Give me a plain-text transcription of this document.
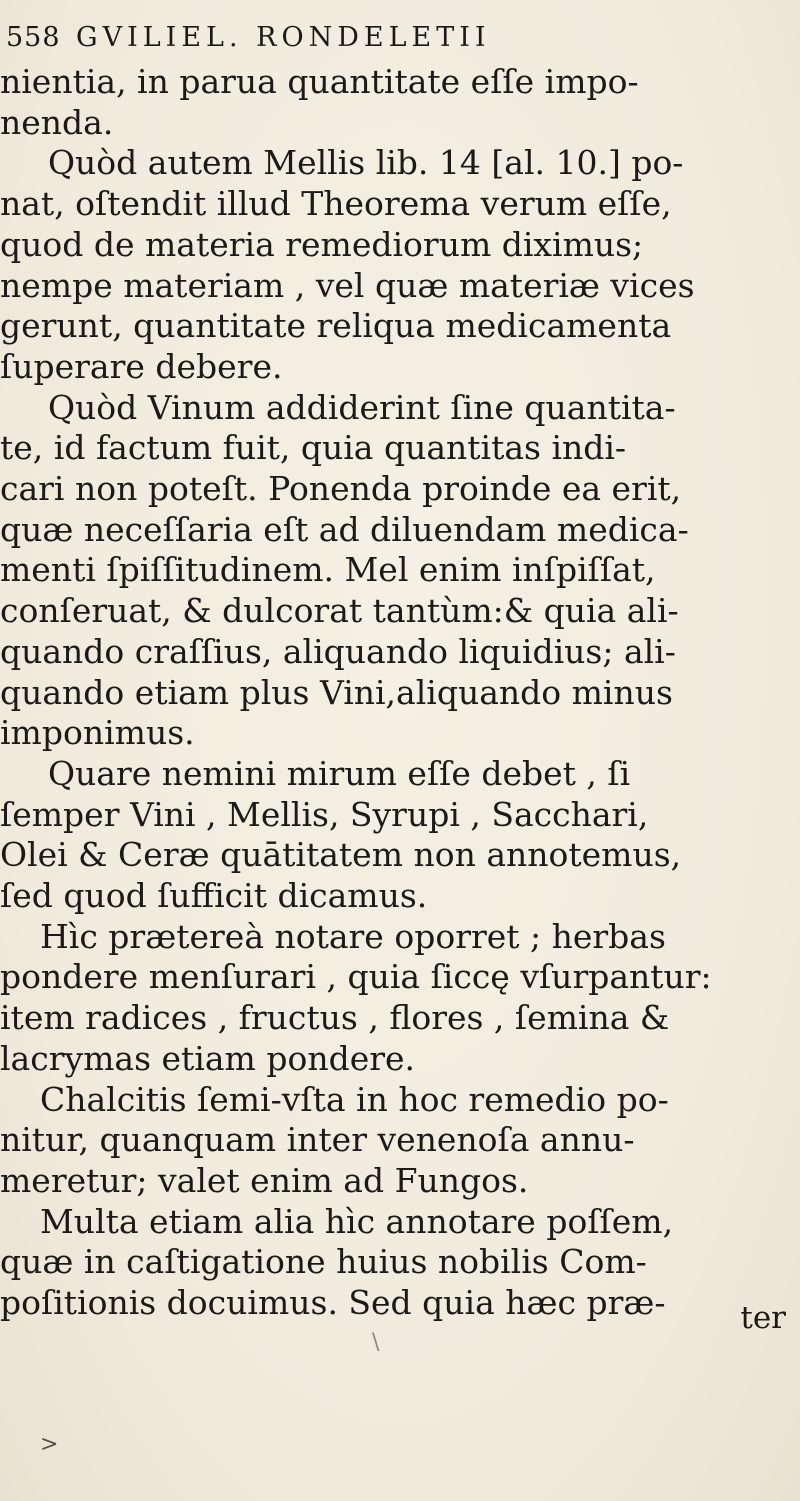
558 GVILIEL. RONDELETII
nientia, in parua quantitate eſſe impo-
nenda.
Quòd autem Mellis lib. 14 [al. 10.] po-
nat, oſtendit illud Theorema verum eſſe,
quod de materia remediorum diximus;
nempe materiam , vel quæ materiæ vices
gerunt, quantitate reliqua medicamenta
ſuperare debere.
Quòd Vinum addiderint ſine quantita-
te, id factum fuit, quia quantitas indi-
cari non poteſt. Ponenda proinde ea erit,
quæ neceſſaria eſt ad diluendam medica-
menti ſpiſſitudinem. Mel enim inſpiſſat,
conſeruat, & dulcorat tantùm:& quia ali-
quando craſſius, aliquando liquidius; ali-
quando etiam plus Vini,aliquando minus
imponimus.
Quare nemini mirum eſſe debet , ſi
ſemper Vini , Mellis, Syrupi , Sacchari,
Olei & Ceræ quātitatem non annotemus,
ſed quod ſufficit dicamus.
Hìc prætereà notare oporret ; herbas
pondere menſurari , quia ſiccę vſurpantur:
item radices , fructus , flores , ſemina &
lacrymas etiam pondere.
Chalcitis ſemi-vſta in hoc remedio po-
nitur, quanquam inter venenoſa annu-
meretur; valet enim ad Fungos.
Multa etiam alia hìc annotare poſſem,
quæ in caſtigatione huius nobilis Com-
poſitionis docuimus. Sed quia hæc præ-	ter
\
>
